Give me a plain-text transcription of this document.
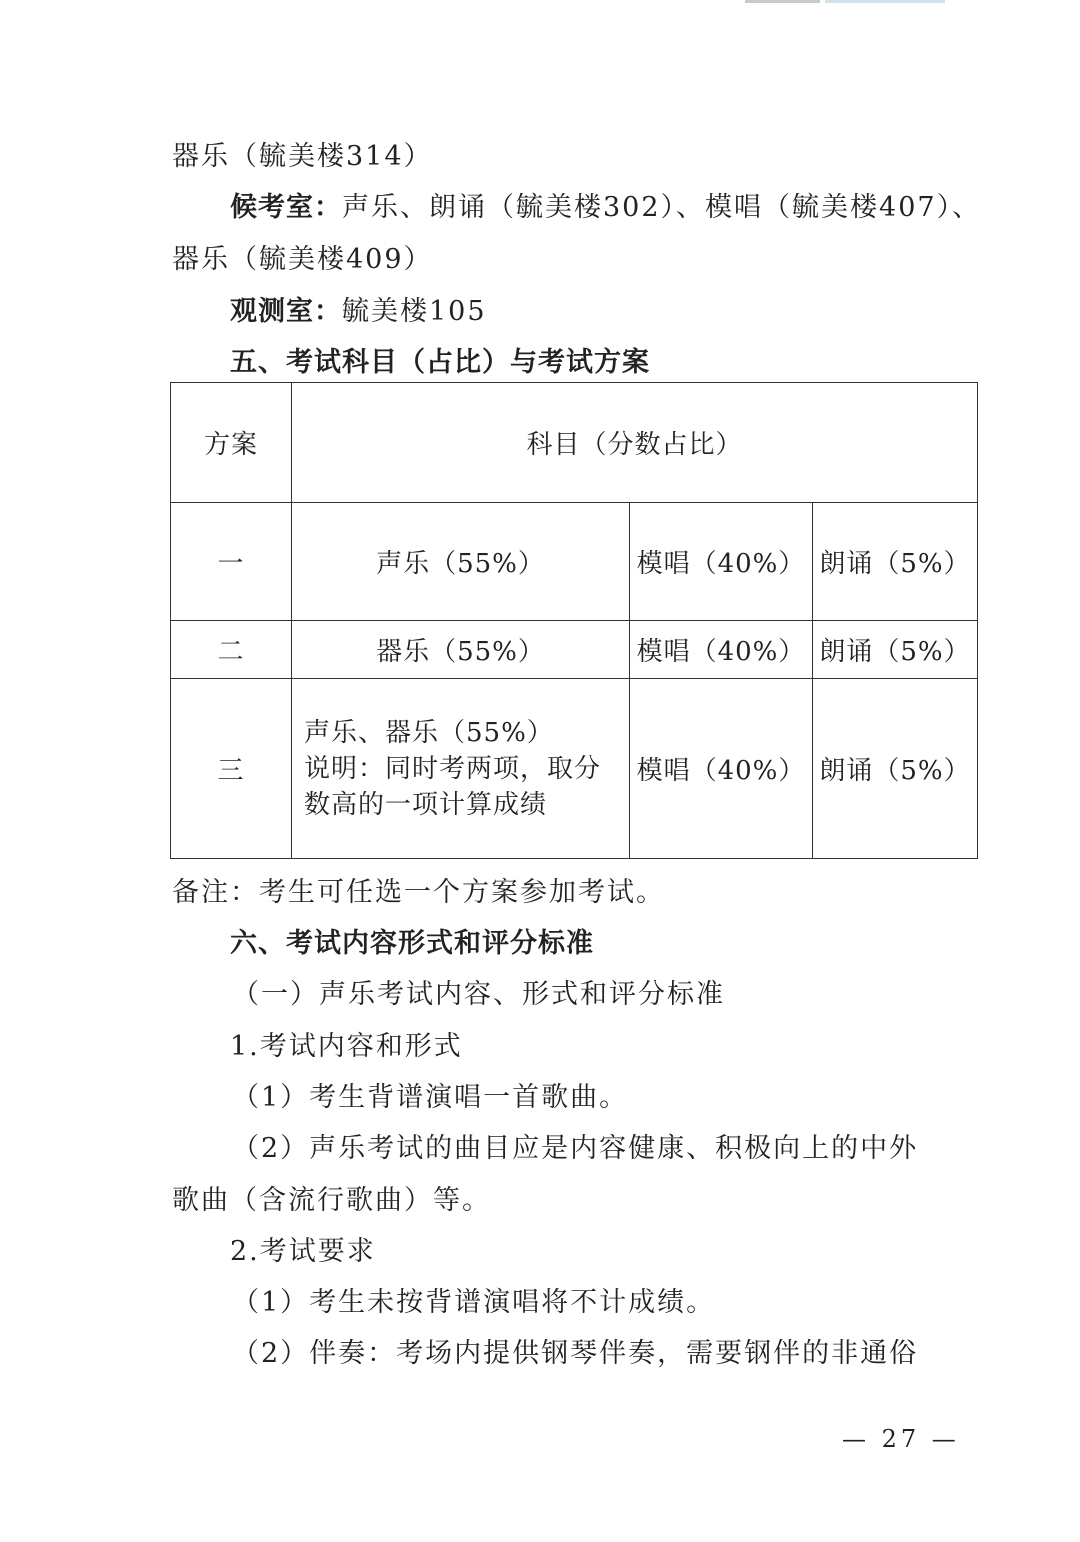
器乐（毓美楼314）
候考室：声乐、朗诵（毓美楼302）、模唱（毓美楼407）、
器乐（毓美楼409）
观测室：毓美楼105
五、考试科目（占比）与考试方案
方案	科目（分数占比）		
一	声乐（55%）	模唱（40%）	朗诵（5%）
二	器乐（55%）	模唱（40%）	朗诵（5%）
三	声乐、器乐（55%）
说明：同时考两项，取分
数高的一项计算成绩	模唱（40%）	朗诵（5%）
备注：考生可任选一个方案参加考试。
六、考试内容形式和评分标准
（一）声乐考试内容、形式和评分标准
1.考试内容和形式
（1）考生背谱演唱一首歌曲。
（2）声乐考试的曲目应是内容健康、积极向上的中外
歌曲（含流行歌曲）等。
2.考试要求
（1）考生未按背谱演唱将不计成绩。
（2）伴奏：考场内提供钢琴伴奏，需要钢伴的非通俗
— 27 —
